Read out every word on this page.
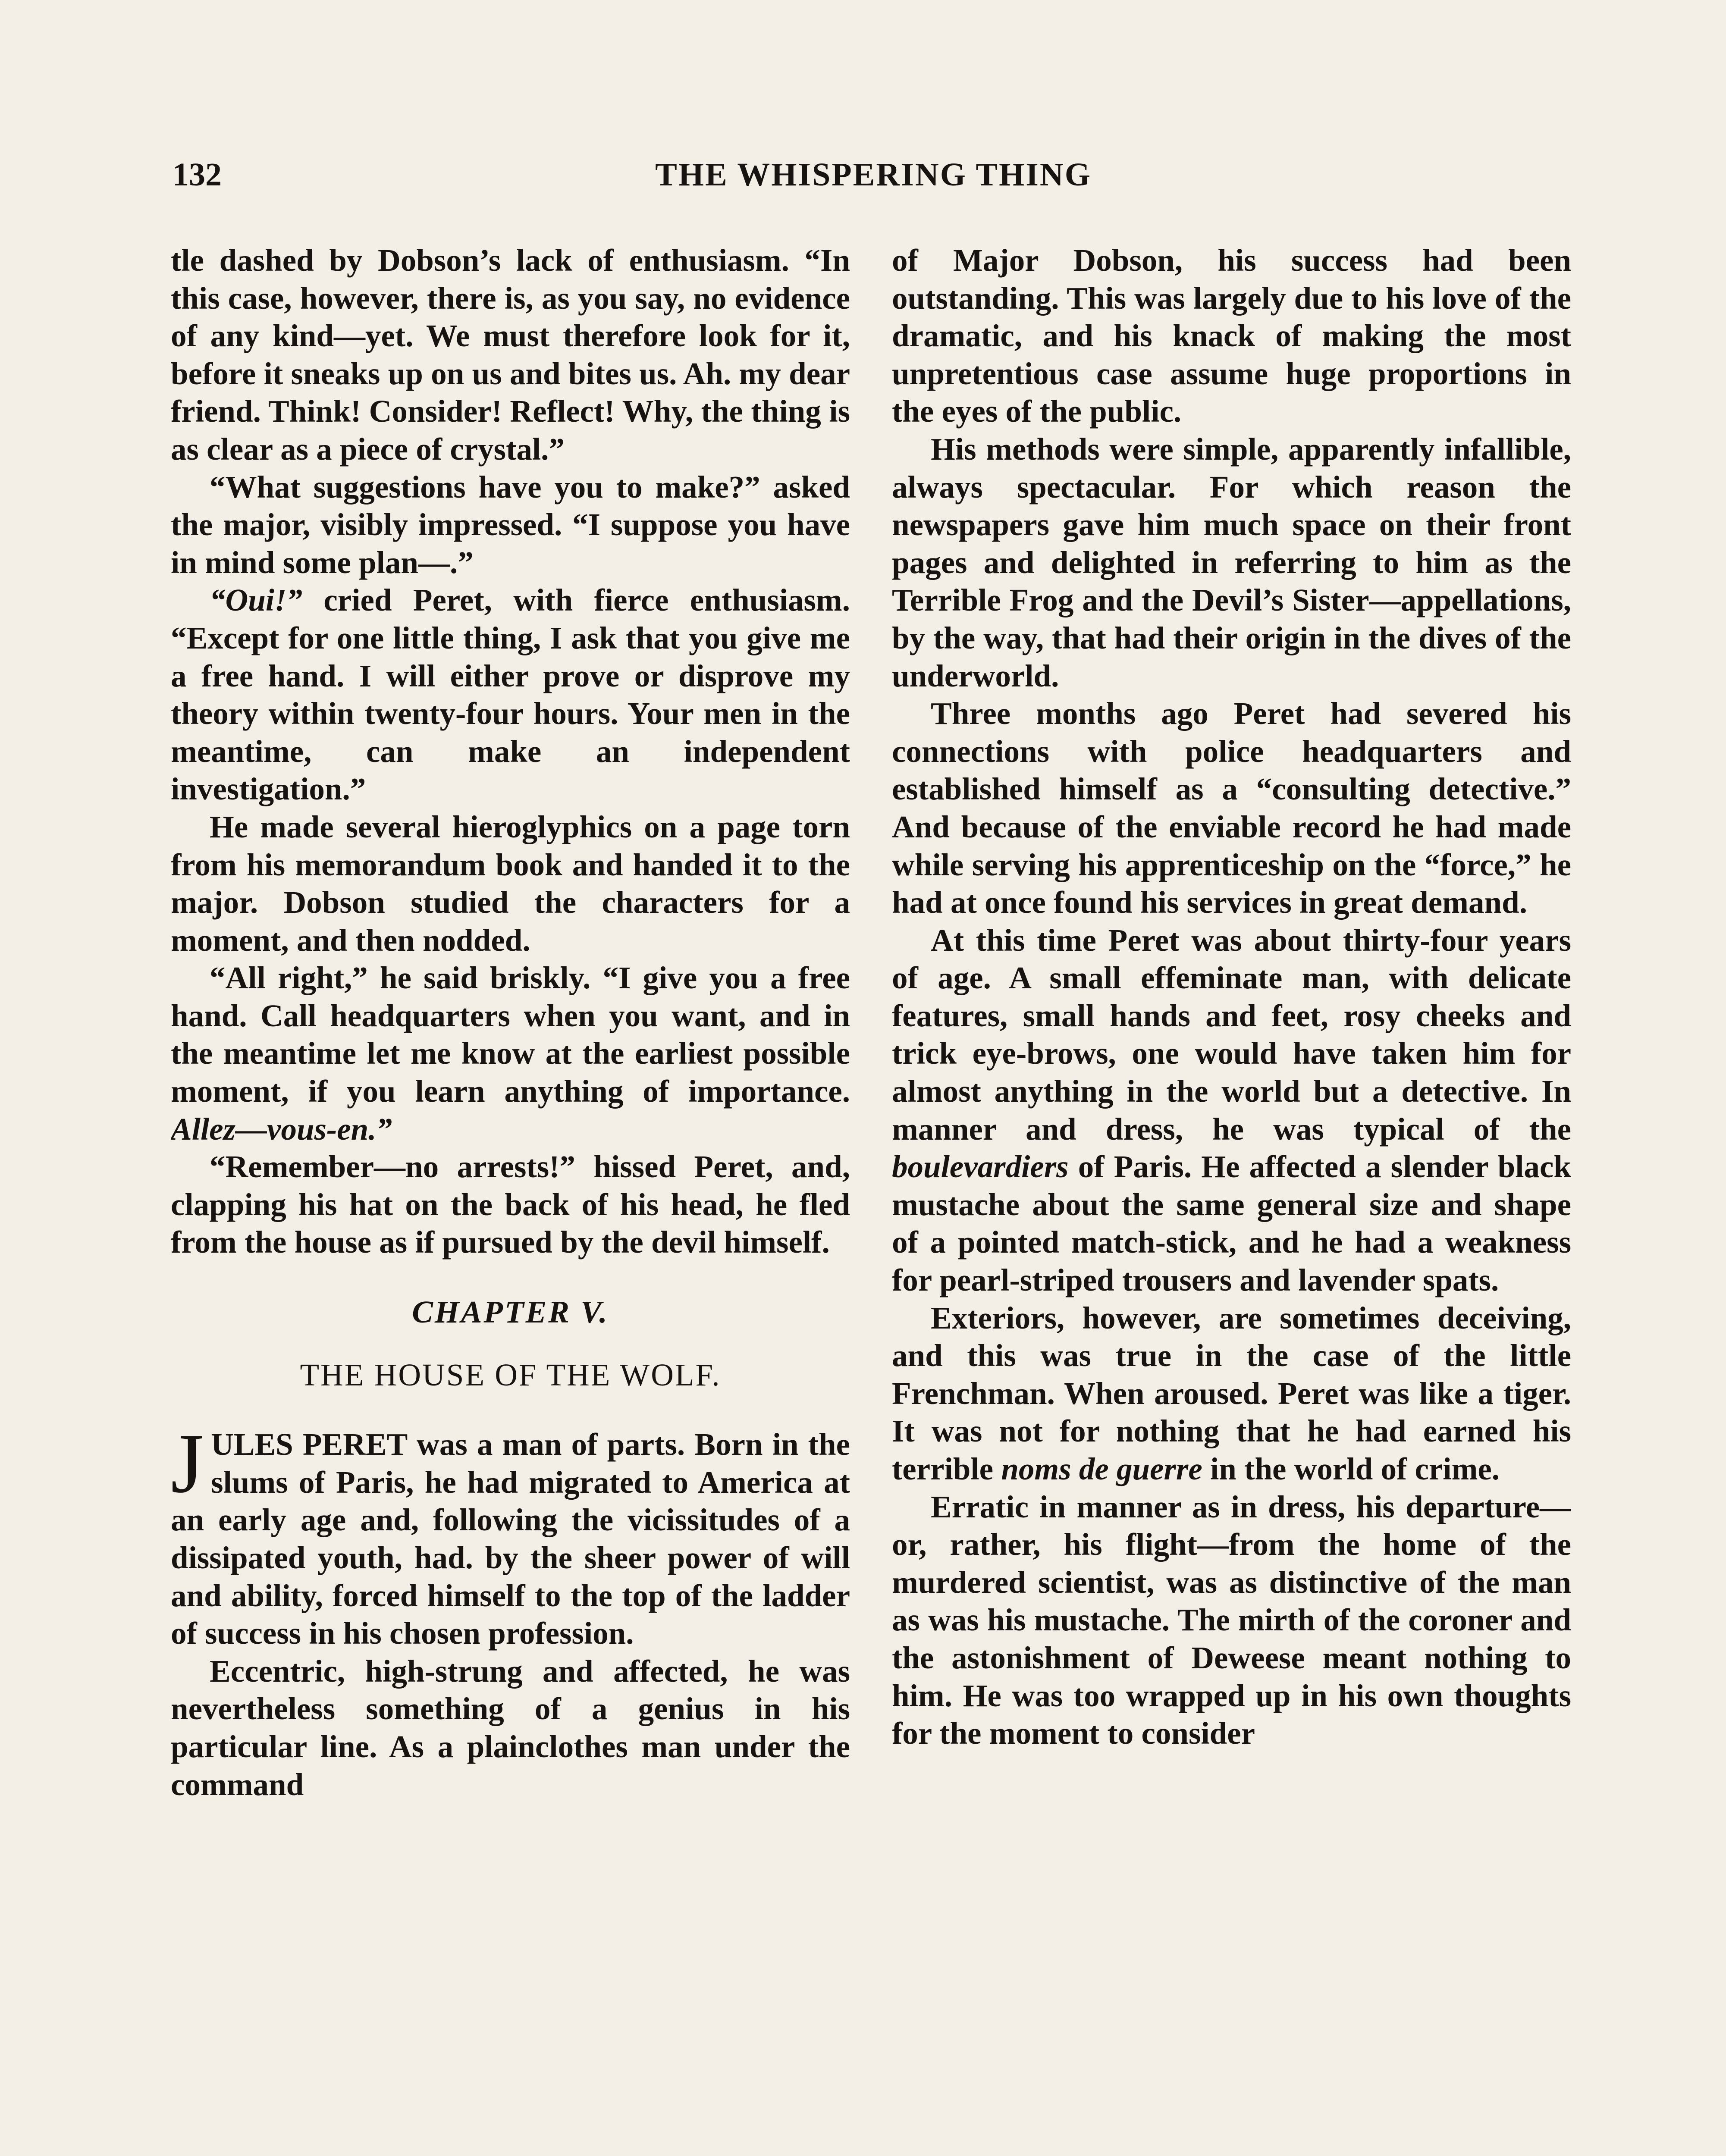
132	THE WHISPERING THING

tle dashed by Dobson’s lack of enthusiasm. “In this case, however, there is, as you say, no evidence of any kind—yet. We must therefore look for it, before it sneaks up on us and bites us. Ah. my dear friend. Think! Consider! Reflect! Why, the thing is as clear as a piece of crystal.”

“What suggestions have you to make?” asked the major, visibly impressed. “I suppose you have in mind some plan—.”

“Oui!” cried Peret, with fierce enthusiasm. “Except for one little thing, I ask that you give me a free hand. I will either prove or disprove my theory within twenty-four hours. Your men in the meantime, can make an independent investigation.”

He made several hieroglyphics on a page torn from his memorandum book and handed it to the major. Dobson studied the characters for a moment, and then nodded.

“All right,” he said briskly. “I give you a free hand. Call headquarters when you want, and in the meantime let me know at the earliest possible moment, if you learn anything of importance. Allez—vous-en.”

“Remember—no arrests!” hissed Peret, and, clapping his hat on the back of his head, he fled from the house as if pursued by the devil himself.

CHAPTER V.
THE HOUSE OF THE WOLF.

JULES PERET was a man of parts. Born in the slums of Paris, he had migrated to America at an early age and, following the vicissitudes of a dissipated youth, had. by the sheer power of will and ability, forced himself to the top of the ladder of success in his chosen profession.

Eccentric, high-strung and affected, he was nevertheless something of a genius in his particular line. As a plainclothes man under the command

of Major Dobson, his success had been outstanding. This was largely due to his love of the dramatic, and his knack of making the most unpretentious case assume huge proportions in the eyes of the public.

His methods were simple, apparently infallible, always spectacular. For which reason the newspapers gave him much space on their front pages and delighted in referring to him as the Terrible Frog and the Devil’s Sister—appellations, by the way, that had their origin in the dives of the underworld.

Three months ago Peret had severed his connections with police headquarters and established himself as a “consulting detective.” And because of the enviable record he had made while serving his apprenticeship on the “force,” he had at once found his services in great demand.

At this time Peret was about thirty-four years of age. A small effeminate man, with delicate features, small hands and feet, rosy cheeks and trick eye-brows, one would have taken him for almost anything in the world but a detective. In manner and dress, he was typical of the boulevardiers of Paris. He affected a slender black mustache about the same general size and shape of a pointed match-stick, and he had a weakness for pearl-striped trousers and lavender spats.

Exteriors, however, are sometimes deceiving, and this was true in the case of the little Frenchman. When aroused. Peret was like a tiger. It was not for nothing that he had earned his terrible noms de guerre in the world of crime.

Erratic in manner as in dress, his departure—or, rather, his flight—from the home of the murdered scientist, was as distinctive of the man as was his mustache. The mirth of the coroner and the astonishment of Deweese meant nothing to him. He was too wrapped up in his own thoughts for the moment to consider
